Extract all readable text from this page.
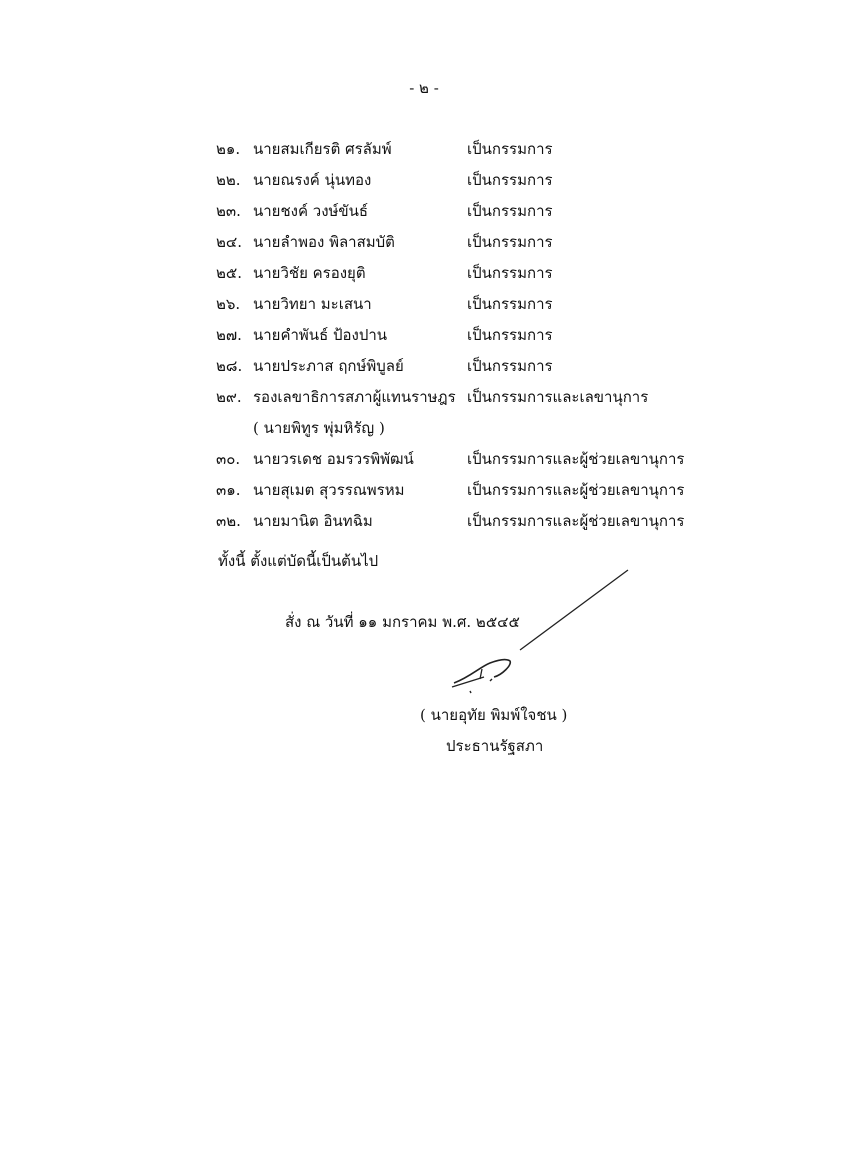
- ๒ -
๒๑. นายสมเกียรติ ศรลัมพ์	เป็นกรรมการ
๒๒. นายณรงค์ นุ่นทอง	เป็นกรรมการ
๒๓. นายชงค์ วงษ์ขันธ์	เป็นกรรมการ
๒๔. นายลำพอง พิลาสมบัติ	เป็นกรรมการ
๒๕. นายวิชัย ครองยุติ	เป็นกรรมการ
๒๖. นายวิทยา มะเสนา	เป็นกรรมการ
๒๗. นายคำพันธ์ ป้องปาน	เป็นกรรมการ
๒๘. นายประภาส ฤกษ์พิบูลย์	เป็นกรรมการ
๒๙. รองเลขาธิการสภาผู้แทนราษฎร เป็นกรรมการและเลขานุการ
( นายพิทูร พุ่มหิรัญ )
๓๐. นายวรเดช อมรวรพิพัฒน์	เป็นกรรมการและผู้ช่วยเลขานุการ
๓๑. นายสุเมต สุวรรณพรหม	เป็นกรรมการและผู้ช่วยเลขานุการ
๓๒. นายมานิต อินทฉิม	เป็นกรรมการและผู้ช่วยเลขานุการ
ทั้งนี้ ตั้งแต่บัดนี้เป็นต้นไป
สั่ง ณ วันที่ ๑๑ มกราคม พ.ศ. ๒๕๔๕
( นายอุทัย พิมพ์ใจชน )
ประธานรัฐสภา
